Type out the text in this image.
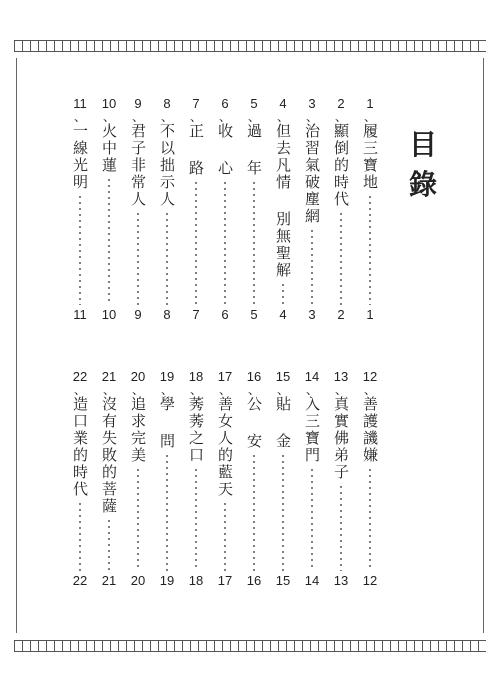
目
錄
1
、
履三寶地
1
2
、
顯倒的時代
2
3
、
治習氣破塵網
3
4
、
但去凡情 別無聖解
4
5
、
過 年
5
6
、
收 心
6
7
、
正 路
7
8
、
不以拙示人
8
9
、
君子非常人
9
10
、
火中蓮
10
11
、
一線光明
11
12
、
善護譏嫌
12
13
、
真實佛弟子
13
14
、
入三寶門
14
15
、
貼 金
15
16
、
公 安
16
17
、
善女人的藍天
17
18
、
莠莠之口
18
19
、
學 問
19
20
、
追求完美
20
21
、
沒有失敗的菩薩
21
22
、
造口業的時代
22
